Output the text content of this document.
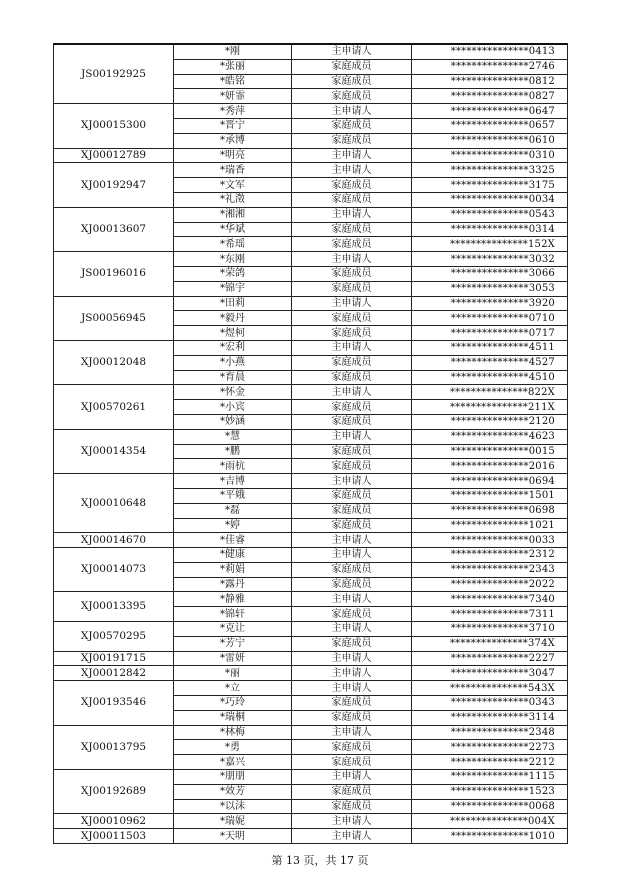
JS00192925	*刚	主申请人	***************0413
	*张丽	家庭成员	***************2746
	*皓铭	家庭成员	***************0812
	*妍霏	家庭成员	***************0827
XJ00015300	*秀萍	主申请人	***************0647
	*晋宁	家庭成员	***************0657
	*承博	家庭成员	***************0610
XJ00012789	*明亮	主申请人	***************0310
XJ00192947	*瑞香	主申请人	***************3325
	*文军	家庭成员	***************3175
	*礼澂	家庭成员	***************0034
XJ00013607	*湘湘	主申请人	***************0543
	*华斌	家庭成员	***************0314
	*希瑶	家庭成员	***************152X
JS00196016	*东刚	主申请人	***************3032
	*荣鸽	家庭成员	***************3066
	*锦宇	家庭成员	***************3053
JS00056945	*田莉	主申请人	***************3920
	*毅丹	家庭成员	***************0710
	*煜柯	家庭成员	***************0717
XJ00012048	*宏利	主申请人	***************4511
	*小燕	家庭成员	***************4527
	*育晨	家庭成员	***************4510
XJ00570261	*怀金	主申请人	***************822X
	*小宾	家庭成员	***************211X
	*妙涵	家庭成员	***************2120
XJ00014354	*慧	主申请人	***************4623
	*鹏	家庭成员	***************0015
	*雨杭	家庭成员	***************2016
XJ00010648	*吉博	主申请人	***************0694
	*平娥	家庭成员	***************1501
	*磊	家庭成员	***************0698
	*婷	家庭成员	***************1021
XJ00014670	*佳睿	主申请人	***************0033
XJ00014073	*健康	主申请人	***************2312
	*莉娟	家庭成员	***************2343
	*露丹	家庭成员	***************2022
XJ00013395	*静雅	主申请人	***************7340
	*锦轩	家庭成员	***************7311
XJ00570295	*克让	主申请人	***************3710
	*芳宁	家庭成员	***************374X
XJ00191715	*雷妍	主申请人	***************2227
XJ00012842	*丽	主申请人	***************3047
XJ00193546	*立	主申请人	***************543X
	*巧玲	家庭成员	***************0343
	*瑞桐	家庭成员	***************3114
XJ00013795	*林梅	主申请人	***************2348
	*勇	家庭成员	***************2273
	*嘉兴	家庭成员	***************2212
XJ00192689	*朋朋	主申请人	***************1115
	*效芳	家庭成员	***************1523
	*以沫	家庭成员	***************0068
XJ00010962	*瑞妮	主申请人	***************004X
XJ00011503	*天明	主申请人	***************1010
第 13 页，共 17 页
